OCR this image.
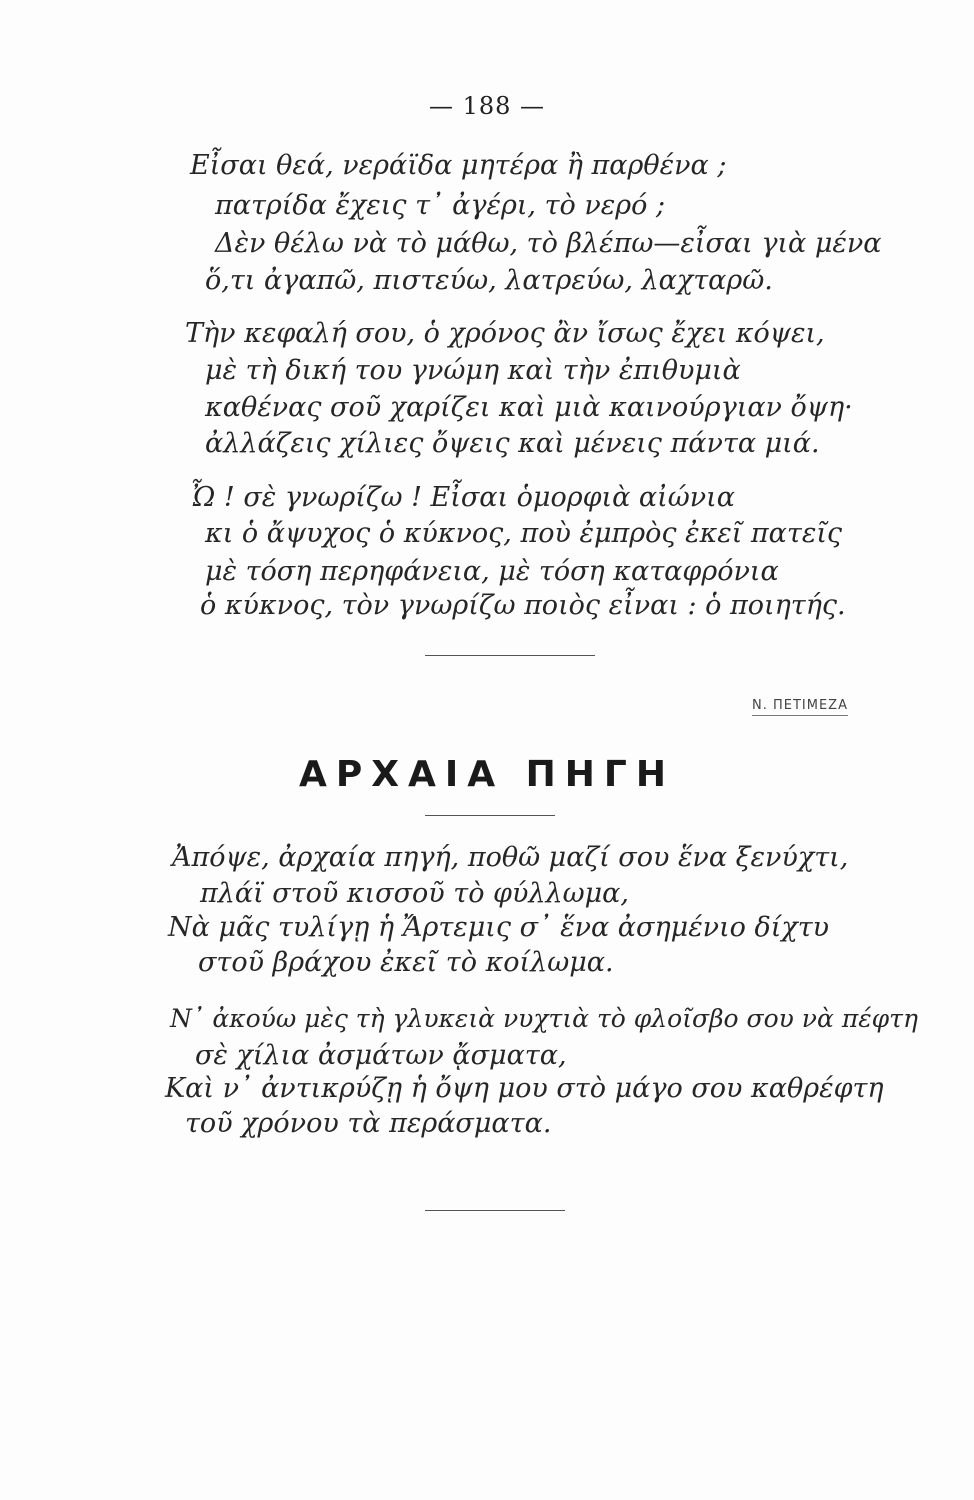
— 188 —
Εἶσαι θεά, νεράϊδα μητέρα ἢ παρθένα ;
πατρίδα ἔχεις τ᾽ ἀγέρι, τὸ νερό ;
Δὲν θέλω νὰ τὸ μάθω, τὸ βλέπω—εἶσαι γιὰ μένα
ὅ,τι ἀγαπῶ, πιστεύω, λατρεύω, λαχταρῶ.
Τὴν κεφαλή σου, ὁ χρόνος ἂν ἴσως ἔχει κόψει,
μὲ τὴ δική του γνώμη καὶ τὴν ἐπιθυμιὰ
καθένας σοῦ χαρίζει καὶ μιὰ καινούργιαν ὄψη·
ἀλλάζεις χίλιες ὄψεις καὶ μένεις πάντα μιά.
Ὦ ! σὲ γνωρίζω ! Εἶσαι ὁμορφιὰ αἰώνια
κι ὁ ἄψυχος ὁ κύκνος, ποὺ ἐμπρὸς ἐκεῖ πατεῖς
μὲ τόση περηφάνεια, μὲ τόση καταφρόνια
ὁ κύκνος, τὸν γνωρίζω ποιὸς εἶναι : ὁ ποιητής.
Ν. ΠΕΤΙΜΕΖΑ
ΑΡΧΑΙΑ ΠΗΓΗ
Ἀπόψε, ἀρχαία πηγή, ποθῶ μαζί σου ἕνα ξενύχτι,
πλάϊ στοῦ κισσοῦ τὸ φύλλωμα,
Νὰ μᾶς τυλίγῃ ἡ Ἄρτεμις σ᾽ ἕνα ἀσημένιο δίχτυ
στοῦ βράχου ἐκεῖ τὸ κοίλωμα.
Ν᾽ ἀκούω μὲς τὴ γλυκειὰ νυχτιὰ τὸ φλοῖσβο σου νὰ πέφτη
σὲ χίλια ἀσμάτων ᾄσματα,
Καὶ ν᾽ ἀντικρύζῃ ἡ ὄψη μου στὸ μάγο σου καθρέφτη
τοῦ χρόνου τὰ περάσματα.
